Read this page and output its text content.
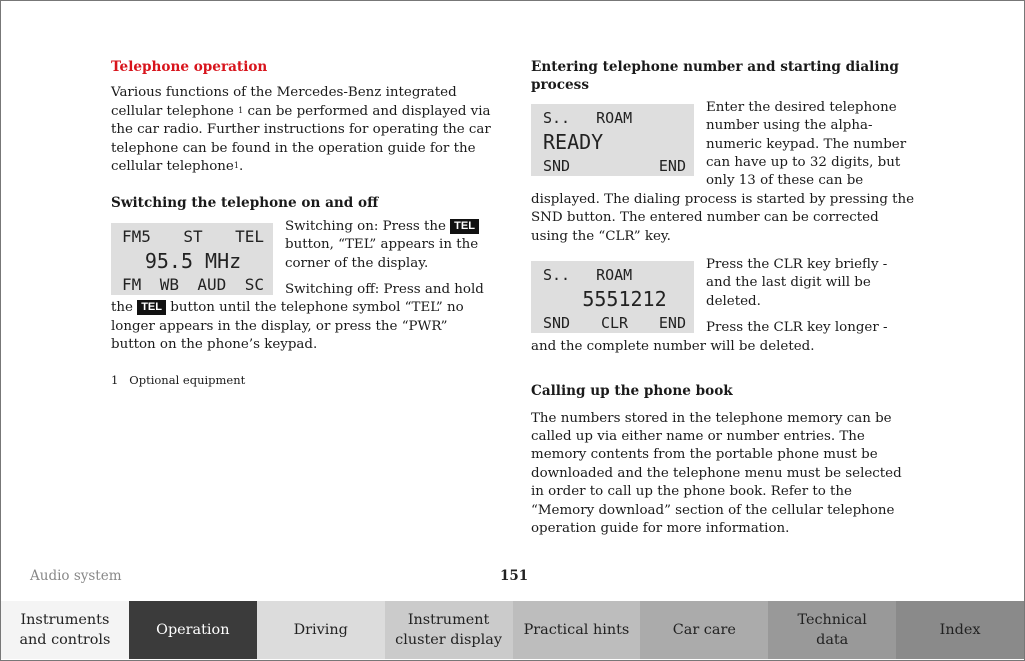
Telephone operation

Various functions of the Mercedes-Benz integrated cellular telephone $^1$ can be performed and displayed via the car radio. Further instructions for operating the car telephone can be found in the operation guide for the cellular telephone$^1$.

Switching the telephone on and off
FM5 ST TEL
95.5 MHz
FM WB AUD SC

Switching on: Press the TEL button, “TEL” appears in the corner of the display.

Switching off: Press and hold the TEL button until the telephone symbol “TEL” no longer appears in the display, or press the “PWR” button on the phone’s keypad.

1 Optional equipment
Entering telephone number and starting dialing process
S.. ROAM
READY
SND	END

Enter the desired telephone number using the alpha-numeric keypad. The number can have up to 32 digits, but only 13 of these can be displayed. The dialing process is started by pressing the SND button. The entered number can be corrected using the “CLR” key.

S.. ROAM
5551212
SND CLR END

Press the CLR key briefly - and the last digit will be deleted.

Press the CLR key longer - and the complete number will be deleted.

Calling up the phone book

The numbers stored in the telephone memory can be called up via either name or number entries. The memory contents from the portable phone must be downloaded and the telephone menu must be selected in order to call up the phone book. Refer to the “Memory download” section of the cellular telephone operation guide for more information.

Audio system	151
Instruments
and controls
Operation	Driving
Instrument
cluster display
Practical hints	Car care
Technical
data
Index
